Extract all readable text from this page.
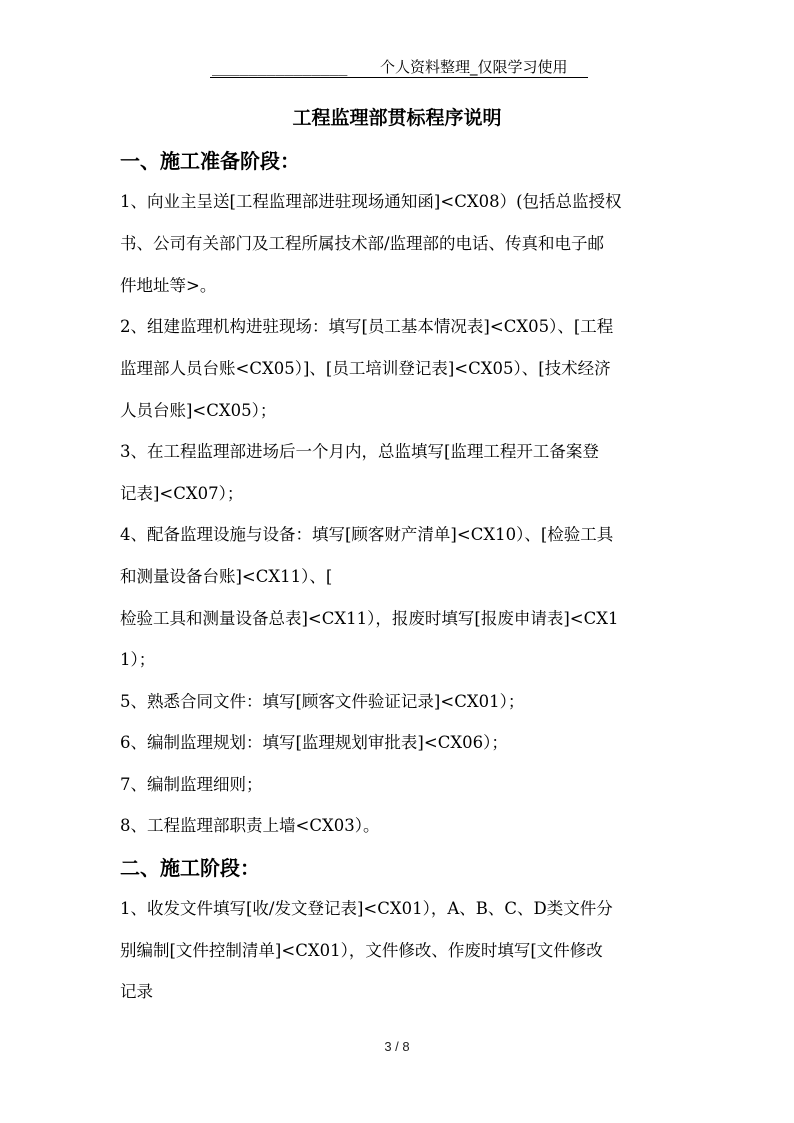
_______________ 个人资料整理_仅限学习使用
工程监理部贯标程序说明
一、施工准备阶段：
1、向业主呈送[工程监理部进驻现场通知函]<CX08）(包括总监授权
书、公司有关部门及工程所属技术部/监理部的电话、传真和电子邮
件地址等>。
2、组建监理机构进驻现场：填写[员工基本情况表]<CX05）、[工程
监理部人员台账<CX05）]、[员工培训登记表]<CX05）、[技术经济
人员台账]<CX05）；
3、在工程监理部进场后一个月内，总监填写[监理工程开工备案登
记表]<CX07）；
4、配备监理设施与设备：填写[顾客财产清单]<CX10）、[检验工具
和测量设备台账]<CX11）、[
检验工具和测量设备总表]<CX11），报废时填写[报废申请表]<CX1
1）；
5、熟悉合同文件：填写[顾客文件验证记录]<CX01）；
6、编制监理规划：填写[监理规划审批表]<CX06）；
7、编制监理细则；
8、工程监理部职责上墙<CX03）。
二、施工阶段：
1、收发文件填写[收/发文登记表]<CX01），A、B、C、D类文件分
别编制[文件控制清单]<CX01），文件修改、作废时填写[文件修改
记录
3 / 8
